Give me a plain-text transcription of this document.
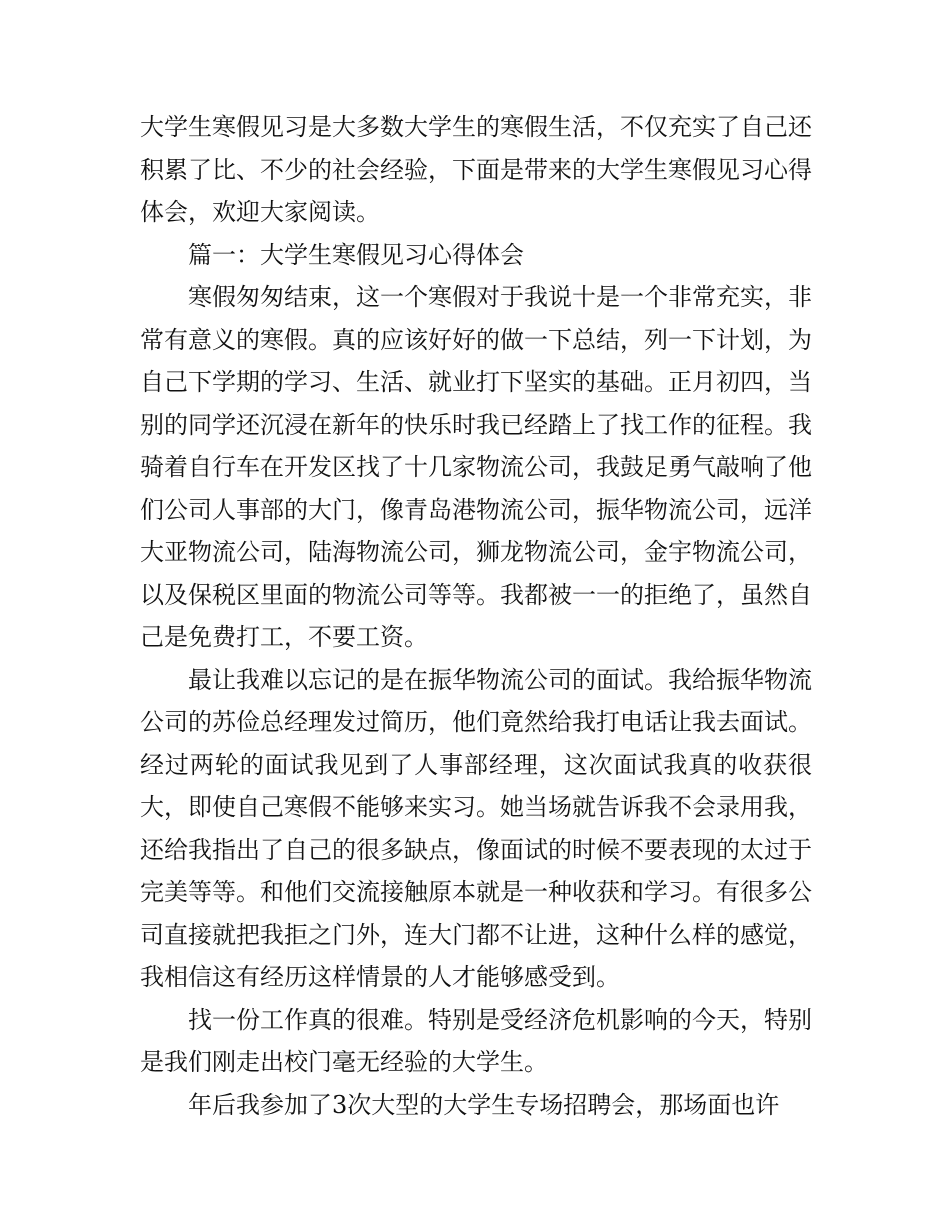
大学生寒假见习是大多数大学生的寒假生活，不仅充实了自己还积累了比、不少的社会经验，下面是带来的大学生寒假见习心得体会，欢迎大家阅读。

篇一：大学生寒假见习心得体会

寒假匆匆结束，这一个寒假对于我说十是一个非常充实，非常有意义的寒假。真的应该好好的做一下总结，列一下计划，为自己下学期的学习、生活、就业打下坚实的基础。正月初四，当别的同学还沉浸在新年的快乐时我已经踏上了找工作的征程。我骑着自行车在开发区找了十几家物流公司，我鼓足勇气敲响了他们公司人事部的大门，像青岛港物流公司，振华物流公司，远洋大亚物流公司，陆海物流公司，狮龙物流公司，金宇物流公司，以及保税区里面的物流公司等等。我都被一一的拒绝了，虽然自己是免费打工，不要工资。

最让我难以忘记的是在振华物流公司的面试。我给振华物流公司的苏俭总经理发过简历，他们竟然给我打电话让我去面试。经过两轮的面试我见到了人事部经理，这次面试我真的收获很大，即使自己寒假不能够来实习。她当场就告诉我不会录用我，还给我指出了自己的很多缺点，像面试的时候不要表现的太过于完美等等。和他们交流接触原本就是一种收获和学习。有很多公司直接就把我拒之门外，连大门都不让进，这种什么样的感觉，我相信这有经历这样情景的人才能够感受到。

找一份工作真的很难。特别是受经济危机影响的今天，特别是我们刚走出校门毫无经验的大学生。

年后我参加了3次大型的大学生专场招聘会，那场面也许
